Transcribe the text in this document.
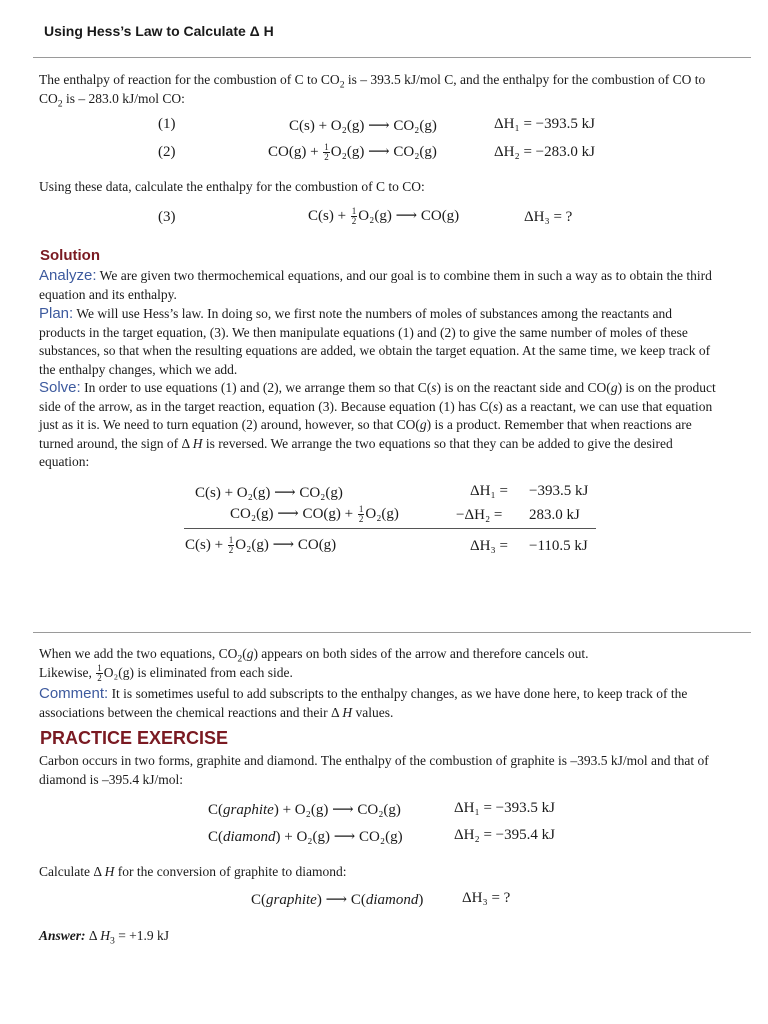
Using Hess’s Law to Calculate Δ H
The enthalpy of reaction for the combustion of C to $CO_2$ is – 393.5 kJ/mol C, and the enthalpy for the combustion of CO to $CO_2$ is – 283.0 kJ/mol CO:
(1)	C(s) + O₂(g) ⟶ CO₂(g)	ΔH₁ = −393.5 kJ
(2)	$CO(g) + \frac{1}{2} O_2(g)$ ⟶ CO₂(g)	ΔH₂ = −283.0 kJ
Using these data, calculate the enthalpy for the combustion of C to CO:
(3)	$C(s) + \frac{1}{2} O_2(g)$ ⟶ CO(g)	ΔH₃ = ?
Solution
Analyze: We are given two thermochemical equations, and our goal is to combine them in such a way as to obtain the third equation and its enthalpy.
Plan: We will use Hess’s law. In doing so, we first note the numbers of moles of substances among the reactants and products in the target equation, (3). We then manipulate equations (1) and (2) to give the same number of moles of these substances, so that when the resulting equations are added, we obtain the target equation. At the same time, we keep track of the enthalpy changes, which we add.
Solve: In order to use equations (1) and (2), we arrange them so that C(s) is on the reactant side and CO(g) is on the product side of the arrow, as in the target reaction, equation (3). Because equation (1) has C(s) as a reactant, we can use that equation just as it is. We need to turn equation (2) around, however, so that CO(g) is a product. Remember that when reactions are turned around, the sign of Δ H is reversed. We arrange the two equations so that they can be added to give the desired equation:
C(s) + O₂(g) ⟶ CO₂(g)	ΔH₁ = −393.5 kJ
CO₂(g) ⟶ $CO(g) + \frac{1}{2} O_2(g)$	−ΔH₂ = 283.0 kJ
$C(s) + \frac{1}{2} O_2(g)$ ⟶ CO(g)	ΔH₃ = −110.5 kJ
When we add the two equations, $CO_2(g)$ appears on both sides of the arrow and therefore cancels out.
Likewise, $\frac{1}{2} O_2(g)$ is eliminated from each side.
Comment: It is sometimes useful to add subscripts to the enthalpy changes, as we have done here, to keep track of the associations between the chemical reactions and their Δ H values.
PRACTICE EXERCISE
Carbon occurs in two forms, graphite and diamond. The enthalpy of the combustion of graphite is –393.5 kJ/mol and that of diamond is –395.4 kJ/mol:
C(graphite) + O₂(g) ⟶ CO₂(g)	ΔH₁ = −393.5 kJ
C(diamond) + O₂(g) ⟶ CO₂(g)	ΔH₂ = −395.4 kJ
Calculate Δ H for the conversion of graphite to diamond:
C(graphite) ⟶ C(diamond)	ΔH₃ = ?
Answer: Δ $H_3 = +1.9$ kJ
